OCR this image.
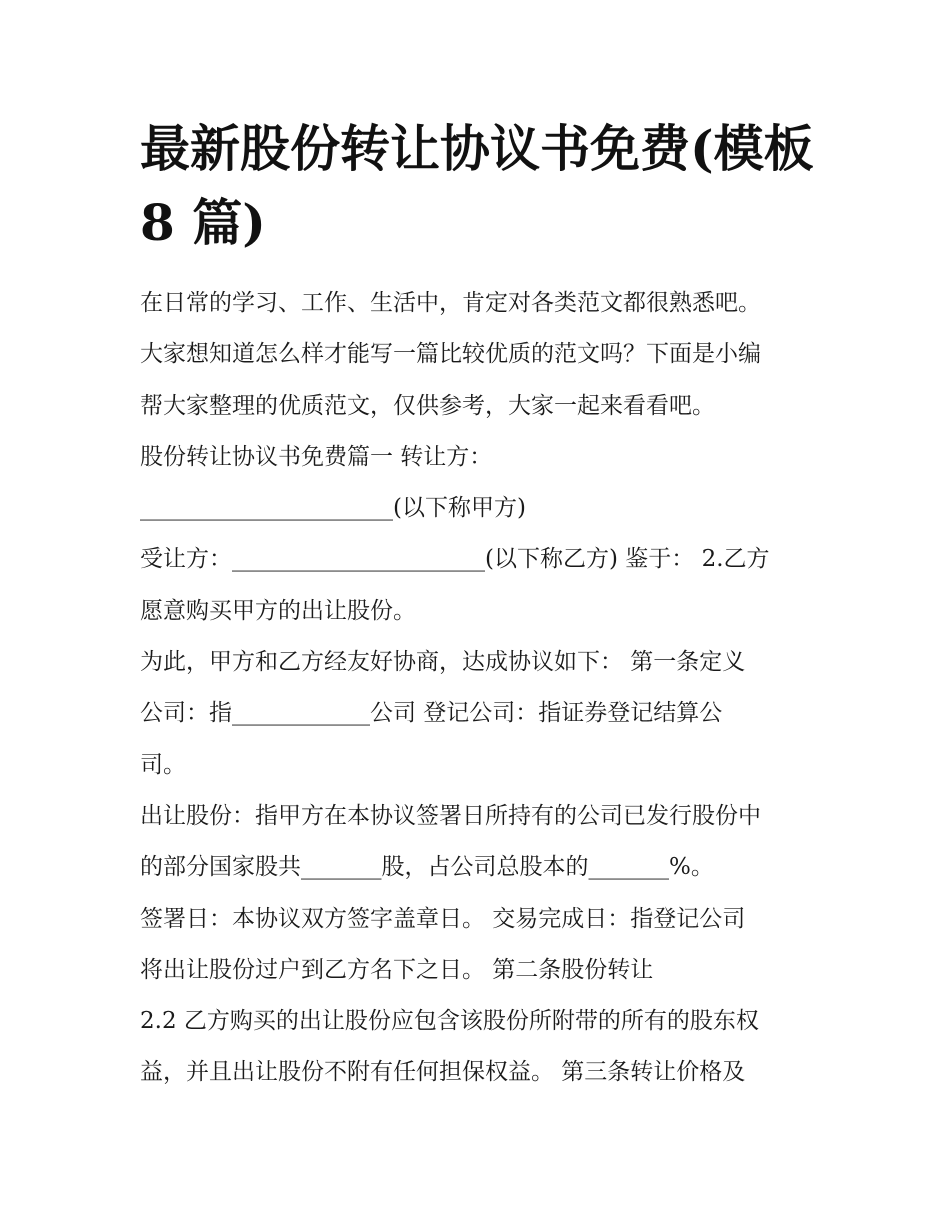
最新股份转让协议书免费(模板
8 篇)
在日常的学习、工作、生活中，肯定对各类范文都很熟悉吧。
大家想知道怎么样才能写一篇比较优质的范文吗？下面是小编
帮大家整理的优质范文，仅供参考，大家一起来看看吧。
股份转让协议书免费篇一 转让方：
______________________(以下称甲方)
受让方：______________________(以下称乙方) 鉴于： 2.乙方
愿意购买甲方的出让股份。
为此，甲方和乙方经友好协商，达成协议如下： 第一条定义
公司：指____________公司 登记公司：指证券登记结算公
司。
出让股份：指甲方在本协议签署日所持有的公司已发行股份中
的部分国家股共_______股，占公司总股本的_______%。
签署日：本协议双方签字盖章日。 交易完成日：指登记公司
将出让股份过户到乙方名下之日。 第二条股份转让
2.2 乙方购买的出让股份应包含该股份所附带的所有的股东权
益，并且出让股份不附有任何担保权益。 第三条转让价格及
